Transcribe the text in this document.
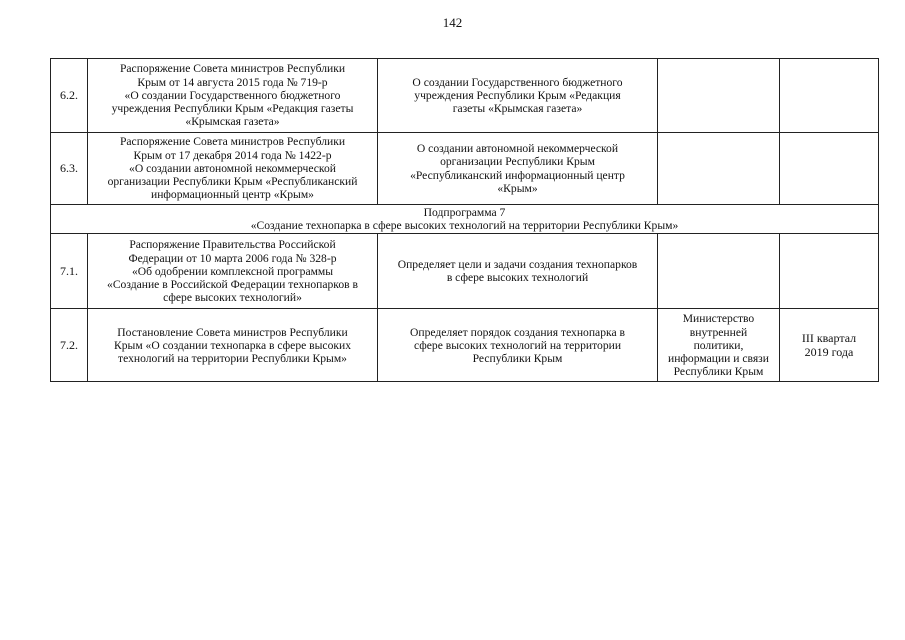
142
6.2.	Распоряжение Совета министров Республики
Крым от 14 августа 2015 года № 719-р
«О создании Государственного бюджетного
учреждения Республики Крым «Редакция газеты
«Крымская газета»	О создании Государственного бюджетного
учреждения Республики Крым «Редакция
газеты «Крымская газета»		

6.3.	Распоряжение Совета министров Республики
Крым от 17 декабря 2014 года № 1422-р
«О создании автономной некоммерческой
организации Республики Крым «Республиканский
информационный центр «Крым»	О создании автономной некоммерческой
организации Республики Крым
«Республиканский информационный центр
«Крым»		

Подпрограмма 7
«Создание технопарка в сфере высоких технологий на территории Республики Крым»				

7.1.	Распоряжение Правительства Российской
Федерации от 10 марта 2006 года № 328-р
«Об одобрении комплексной программы
«Создание в Российской Федерации технопарков в
сфере высоких технологий»	Определяет цели и задачи создания технопарков
в сфере высоких технологий		

7.2.	Постановление Совета министров Республики
Крым «О создании технопарка в сфере высоких
технологий на территории Республики Крым»	Определяет порядок создания технопарка в
сфере высоких технологий на территории
Республики Крым	Министерство
внутренней
политики,
информации и связи
Республики Крым	III квартал
2019 года
